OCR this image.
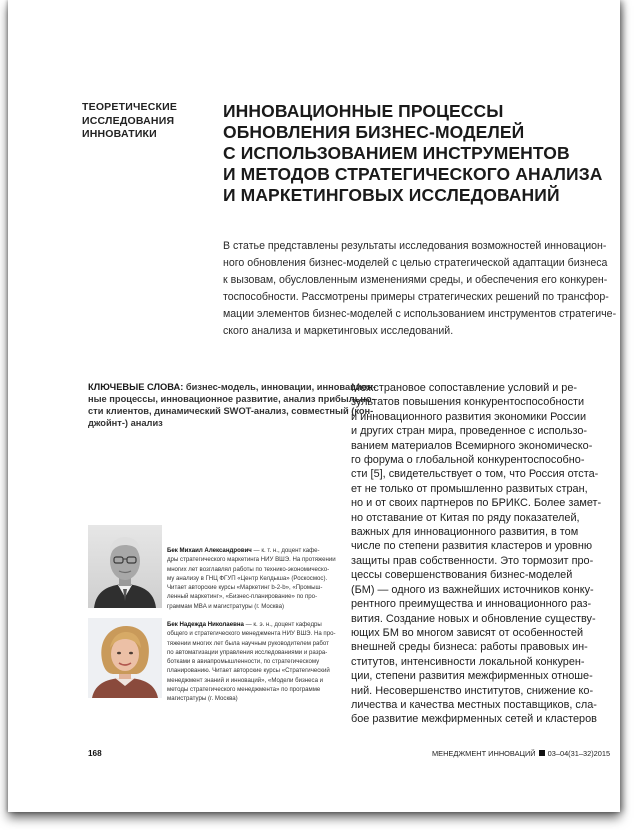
ТЕОРЕТИЧЕСКИЕ
ИССЛЕДОВАНИЯ
ИННОВАТИКИ
ИННОВАЦИОННЫЕ ПРОЦЕССЫ
ОБНОВЛЕНИЯ БИЗНЕС-МОДЕЛЕЙ
С ИСПОЛЬЗОВАНИЕМ ИНСТРУМЕНТОВ
И МЕТОДОВ СТРАТЕГИЧЕСКОГО АНАЛИЗА
И МАРКЕТИНГОВЫХ ИССЛЕДОВАНИЙ
В статье представлены результаты исследования возможностей инновацион-
ного обновления бизнес-моделей с целью стратегической адаптации бизнеса
к вызовам, обусловленным изменениями среды, и обеспечения его конкурен-
тоспособности. Рассмотрены примеры стратегических решений по трансфор-
мации элементов бизнес-моделей с использованием инструментов стратегиче-
ского анализа и маркетинговых исследований.
КЛЮЧЕВЫЕ СЛОВА: бизнес-модель, инновации, инновацион-
ные процессы, инновационное развитие, анализ прибыльно-
сти клиентов, динамический SWOT-анализ, совместный (кон-
джойнт-) анализ
Межстрановое сопоставление условий и ре-
зультатов повышения конкурентоспособности
и инновационного развития экономики России
и других стран мира, проведенное с использо-
ванием материалов Всемирного экономическо-
го форума о глобальной конкурентоспособно-
сти [5], свидетельствует о том, что Россия отста-
ет не только от промышленно развитых стран,
но и от своих партнеров по БРИКС. Более замет-
но отставание от Китая по ряду показателей,
важных для инновационного развития, в том
числе по степени развития кластеров и уровню
защиты прав собственности. Это тормозит про-
цессы совершенствования бизнес-моделей
(БМ) — одного из важнейших источников конку-
рентного преимущества и инновационного раз-
вития. Создание новых и обновление существу-
ющих БМ во многом зависят от особенностей
внешней среды бизнеса: работы правовых ин-
ститутов, интенсивности локальной конкурен-
ции, степени развития межфирменных отноше-
ний. Несовершенство институтов, снижение ко-
личества и качества местных поставщиков, сла-
бое развитие межфирменных сетей и кластеров
Бек Михаил Александрович — к. т. н., доцент кафе-
дры стратегического маркетинга НИУ ВШЭ. На протяжении
многих лет возглавлял работы по технико-экономическо-
му анализу в ГНЦ ФГУП «Центр Келдыша» (Роскосмос).
Читает авторские курсы «Маркетинг b-2-b», «Промыш-
ленный маркетинг», «Бизнес-планирование» по про-
граммам MBA и магистратуры (г. Москва)
Бек Надежда Николаевна — к. э. н., доцент кафедры
общего и стратегического менеджмента НИУ ВШЭ. На про-
тяжении многих лет была научным руководителем работ
по автоматизации управления исследованиями и разра-
ботками в авиапромышленности, по стратегическому
планированию. Читает авторские курсы «Стратегический
менеджмент знаний и инноваций», «Модели бизнеса и
методы стратегического менеджмента» по программе
магистратуры (г. Москва)
168	МЕНЕДЖМЕНТ ИННОВАЦИЙ 03–04(31–32)2015
